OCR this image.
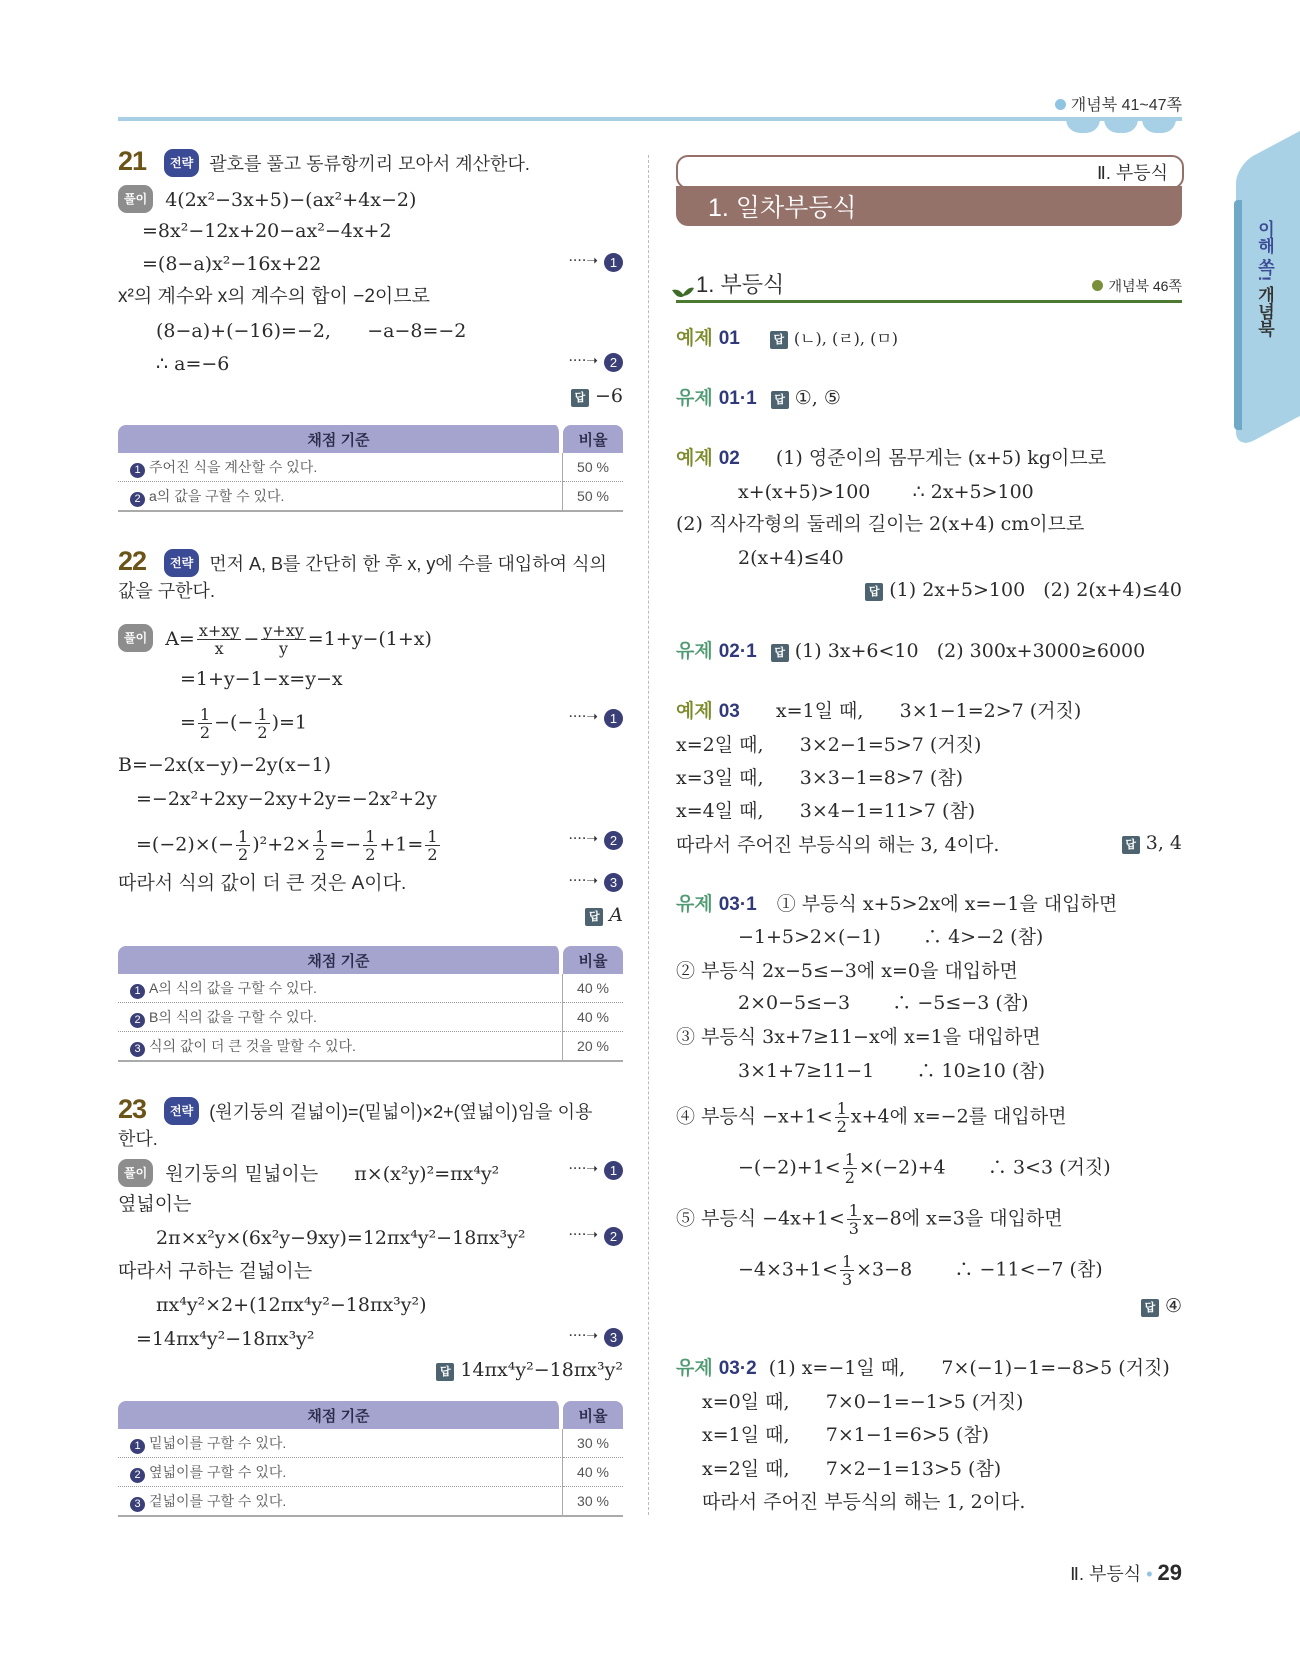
개념북 41~47쪽
이해 쏙! 개념북
21 전략 괄호를 풀고 동류항끼리 모아서 계산한다.
풀이 4(2x²−3x+5)−(ax²+4x−2)
=8x²−12x+20−ax²−4x+2
=(8−a)x²−16x+22	····➝ 1
x²의 계수와 x의 계수의 합이 −2이므로
(8−a)+(−16)=−2,      −a−8=−2
∴ a=−6	····➝ 2
답 −6
채점 기준	비율
1 주어진 식을 계산할 수 있다.	50 %
2 a의 값을 구할 수 있다.	50 %
22 전략 먼저 A, B를 간단히 한 후 x, y에 수를 대입하여 식의
값을 구한다.
풀이 $A= \frac{x+xy}{x} - \frac{y+xy}{y} =1+y-(1+x)$
=1+y−1−x=y−x
= $\frac{1}{2}$ −(− $\frac{1}{2} )=1$	····➝ 1
B=−2x(x−y)−2y(x−1)
=−2x²+2xy−2xy+2y=−2x²+2y
$=(-2)\times(- \frac{1}{2} )^2+2\times \frac{1}{2} =- \frac{1}{2} +1= \frac{1}{2}$	····➝ 2
따라서 식의 값이 더 큰 것은 A이다.	····➝ 3
답 A
채점 기준	비율
1 A의 식의 값을 구할 수 있다.	40 %
2 B의 식의 값을 구할 수 있다.	40 %
3 식의 값이 더 큰 것을 말할 수 있다.	20 %
23 전략 (원기둥의 겉넓이)=(밑넓이)×2+(옆넓이)임을 이용
한다.
풀이 원기둥의 밑넓이는      π×(x²y)²=πx⁴y²	····➝ 1
옆넓이는
2π×x²y×(6x²y−9xy)=12πx⁴y²−18πx³y²	····➝ 2
따라서 구하는 겉넓이는
πx⁴y²×2+(12πx⁴y²−18πx³y²)
=14πx⁴y²−18πx³y²	····➝ 3
답 14πx⁴y²−18πx³y²
채점 기준	비율
1 밑넓이를 구할 수 있다.	30 %
2 옆넓이를 구할 수 있다.	40 %
3 겉넓이를 구할 수 있다.	30 %
Ⅱ. 부등식
1. 일차부등식
1. 부등식	개념북 46쪽
예제 01	답 (ㄴ), (ㄹ), (ㅁ)
유제 01·1 답 ①, ⑤
예제 02 (1) 영준이의 몸무게는 (x+5) kg이므로
x+(x+5)>100       ∴ 2x+5>100
(2) 직사각형의 둘레의 길이는 2(x+4) cm이므로
2(x+4)≤40
답 (1) 2x+5>100   (2) 2(x+4)≤40
유제 02·1 답 (1) 3x+6<10   (2) 300x+3000≥6000
예제 03 x=1일 때,      3×1−1=2>7 (거짓)
x=2일 때,      3×2−1=5>7 (거짓)
x=3일 때,      3×3−1=8>7 (참)
x=4일 때,      3×4−1=11>7 (참)
따라서 주어진 부등식의 해는 3, 4이다.	답 3, 4
유제 03·1 ① 부등식 x+5>2x에 x=−1을 대입하면
−1+5>2×(−1)       ∴ 4>−2 (참)
② 부등식 2x−5≤−3에 x=0을 대입하면
2×0−5≤−3       ∴ −5≤−3 (참)
③ 부등식 3x+7≥11−x에 x=1을 대입하면
3×1+7≥11−1       ∴ 10≥10 (참)
④ 부등식 $-x+1< \frac{1}{2} x+4$에 x=−2를 대입하면
$-(-2)+1< \frac{1}{2} \times(-2)+4$       ∴ 3<3 (거짓)
⑤ 부등식 $-4x+1< \frac{1}{3} x-8$에 x=3을 대입하면
$-4\times 3+1< \frac{1}{3} \times 3-8$       ∴ −11<−7 (참)
답 ④
유제 03·2 (1) x=−1일 때,      7×(−1)−1=−8>5 (거짓)
x=0일 때,      7×0−1=−1>5 (거짓)
x=1일 때,      7×1−1=6>5 (참)
x=2일 때,      7×2−1=13>5 (참)
따라서 주어진 부등식의 해는 1, 2이다.
Ⅱ. 부등식 • 29
